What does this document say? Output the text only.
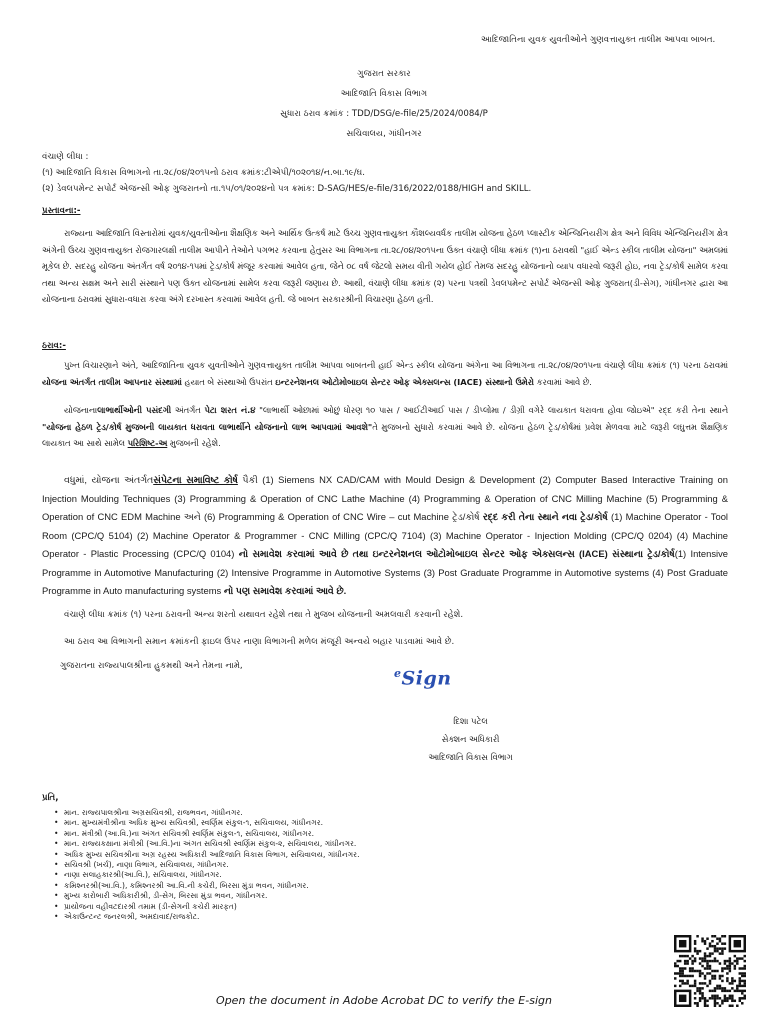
આદિજાતિના યુવક યુવતીઓને ગુણવત્તાયુક્ત તાલીમ આપવા બાબત.
ગુજરાત સરકાર
આદિજાતિ વિકાસ વિભાગ
સુધારા ઠરાવ ક્રમાંક : TDD/DSG/e-file/25/2024/0084/P
સચિવાલય, ગાંધીનગર
વંચાણે લીધા :
(૧) આદિજાતિ વિકાસ વિભાગનો તા.૨૮/૦૪/૨૦૧૫નો ઠરાવ ક્રમાંક:ટીએપી/૧૦૨૦૧૪/ન.બા.૧૯/ઘ.
(૨) ડેવલપમેન્ટ સપોર્ટ એજન્સી ઓફ ગુજરાતનો તા.૧૫/૦૧/૨૦૨૪નો પત્ર ક્રમાંક: D-SAG/HES/e-file/316/2022/0188/HIGH and SKILL.
પ્રસ્તાવના:-
રાજ્યના આદિજાતિ વિસ્તારોમાં યુવક/યુવતીઓના શૈક્ષણિક અને આર્થિક ઉત્કર્ષ માટે ઉચ્ચ ગુણવત્તાયુક્ત કૌશલ્યવર્ધક તાલીમ યોજના હેઠળ પ્લાસ્ટીક એન્જિનિયરીંગ ક્ષેત્ર અને વિવિધ એન્જિનિયરીંગ ક્ષેત્ર અંગેની ઉચ્ચ ગુણવત્તાયુક્ત રોજગારલક્ષી તાલીમ આપીને તેઓને પગભર કરવાના હેતુસર આ વિભાગના તા.૨૮/૦૪/૨૦૧૫ના ઉક્ત વંચાણે લીધા ક્રમાંક (૧)ના ઠરાવથી "હાઈ એન્ડ સ્કીલ તાલીમ યોજના" અમલમાં મૂકેલ છે. સદરહુ યોજના અંતર્ગત વર્ષ ૨૦૧૪-૧૫માં ટ્રેડ/કોર્ષ મંજૂર કરવામાં આવેલ હતા, જેને ૦૮ વર્ષ જેટલો સમય વીતી ગયેલ હોઈ તેમજ સદરહુ યોજનાનો વ્યાપ વધારવો જરૂરી હોઇ, નવા ટ્રેડ/કોર્ષ સામેલ કરવા તથા અન્ય સક્ષમ અને સારી સંસ્થાને પણ ઉક્ત યોજનામાં સામેલ કરવા જરૂરી જણાય છે. આથી, વંચાણે લીધા ક્રમાંક (૨) પરના પત્રથી ડેવલપમેન્ટ સપોર્ટ એજન્સી ઓફ ગુજરાત(ડી-સેગ), ગાંધીનગર દ્વારા આ યોજનાના ઠરાવમાં સુધારા-વધારા કરવા અંગે દરખાસ્ત કરવામાં આવેલ હતી. જે બાબત સરકારશ્રીની વિચારણા હેઠળ હતી.
ઠરાવ:-
પુખ્ત વિચારણાને અંતે, આદિજાતિના યુવક યુવતીઓને ગુણવત્તાયુક્ત તાલીમ આપવા બાબતની હાઈ એન્ડ સ્કીલ યોજના અંગેના આ વિભાગના તા.૨૮/૦૪/૨૦૧૫ના વંચાણે લીધા ક્રમાંક (૧) પરના ઠરાવમાં યોજના અંતર્ગત તાલીમ આપનાર સંસ્થામાં હયાત બે સંસ્થાઓ ઉપરાંત ઇન્ટરનેશનલ ઓટોમોબાઇલ સેન્ટર ઓફ એક્સલન્સ (IACE) સંસ્થાનો ઉમેરો કરવામાં આવે છે.
યોજનાનાલાભાર્થીઓની પસંદગી અંતર્ગત પેટા શરત નં.૪ "લાભાર્થી ઓછામાં ઓછું ધોરણ ૧૦ પાસ / આઈટીઆઈ પાસ / ડીપ્લોમા / ડીગ્રી વગેરે લાયકાત ધરાવતા હોવા જોઇએ" રદ્દ કરી તેના સ્થાને "યોજના હેઠળ ટ્રેડ/કોર્ષ મુજબની લાયકાત ધરાવતા લાભાર્થીને યોજનાનો લાભ આપવામાં આવશે"તે મુજબનો સુધારો કરવામાં આવે છે. યોજના હેઠળ ટ્રેડ/કોર્ષમાં પ્રવેશ મેળવવા માટે જરૂરી લઘુત્તમ શૈક્ષણિક લાયકાત આ સાથે સામેલ પરિશિષ્ટ-અ મુજબની રહેશે.
વધુમાં, યોજના અંતર્ગતસંપેટના સમાવિષ્ટ કોર્ષ પૈકી (1) Siemens NX CAD/CAM with Mould Design & Development (2) Computer Based Interactive Training on Injection Moulding Techniques (3) Programming & Operation of CNC Lathe Machine (4) Programming & Operation of CNC Milling Machine (5) Programming & Operation of CNC EDM Machine અને (6) Programming & Operation of CNC Wire – cut Machine ટ્રેડ/કોર્ષ રદ્દ કરી તેના સ્થાને નવા ટ્રેડ/કોર્ષ (1) Machine Operator - Tool Room (CPC/Q 5104) (2) Machine Operator & Programmer - CNC Milling (CPC/Q 7104) (3) Machine Operator - Injection Molding (CPC/Q 0204) (4) Machine Operator - Plastic Processing (CPC/Q 0104) નો સમાવેશ કરવામાં આવે છે તથા ઇન્ટરનેશનલ ઓટોમોબાઇલ સેન્ટર ઓફ એક્સલન્સ (IACE) સંસ્થાના ટ્રેડ/કોર્ષ(1) Intensive Programme in Automotive Manufacturing (2) Intensive Programme in Automotive Systems (3) Post Graduate Programme in Automotive systems (4) Post Graduate Programme in Auto manufacturing systems નો પણ સમાવેશ કરવામાં આવે છે.
વંચાણે લીધા ક્રમાંક (૧) પરના ઠરાવની અન્ય શરતો યથાવત રહેશે તથા તે મુજબ યોજનાની અમલવારી કરવાની રહેશે.
આ ઠરાવ આ વિભાગની સમાન ક્રમાંકની ફાઇલ ઉપર નાણા વિભાગની મળેલ મંજૂરી અન્વયે બહાર પાડવામાં આવે છે.
ગુજરાતના રાજ્યપાલશ્રીના હુકમથી અને તેમના નામે,
$^e$Sign
દિશા પટેલ
સેક્શન અધિકારી
આદિજાતિ વિકાસ વિભાગ
પ્રતિ,
• માન. રાજ્યપાલશ્રીના અગ્રસચિવશ્રી, રાજભવન, ગાંધીનગર.
• માન. મુખ્યમંત્રીશ્રીના અધિક મુખ્ય સચિવશ્રી, સ્વર્ણિમ સંકુલ-૧, સચિવાલય, ગાંધીનગર.
• માન. મંત્રીશ્રી (આ.વિ.)ના અંગત સચિવશ્રી સ્વર્ણિમ સંકુલ-૧, સચિવાલય, ગાંધીનગર.
• માન. રાજ્યકક્ષાના મંત્રીશ્રી (આ.વિ.)ના અંગત સચિવશ્રી સ્વર્ણિમ સંકુલ-૨, સચિવાલય, ગાંધીનગર.
• અધિક મુખ્ય સચિવશ્રીના અગ્ર રહસ્ય અધિકારી આદિજાતિ વિકાસ વિભાગ, સચિવાલય, ગાંધીનગર.
• સચિવશ્રી (ખર્ચ), નાણા વિભાગ, સચિવાલય, ગાંધીનગર.
• નાણા સલાહકારશ્રી(આ.વિ.), સચિવાલય, ગાંધીનગર.
• કમિશ્નરશ્રી(આ.વિ.), કમિશ્નરશ્રી આ.વિ.ની કચેરી, બિરસા મુંડા ભવન, ગાંધીનગર.
• મુખ્ય કારોબારી અધિકારીશ્રી, ડી-સેગ, બિરસા મુંડા ભવન, ગાંધીનગર.
• પ્રાયોજના વહીવટદારશ્રી તમામ (ડી-સેગની કચેરી મારફત)
• એકાઉન્ટન્ટ જનરલશ્રી, અમદાવાદ/રાજકોટ.
Open the document in Adobe Acrobat DC to verify the E-sign
